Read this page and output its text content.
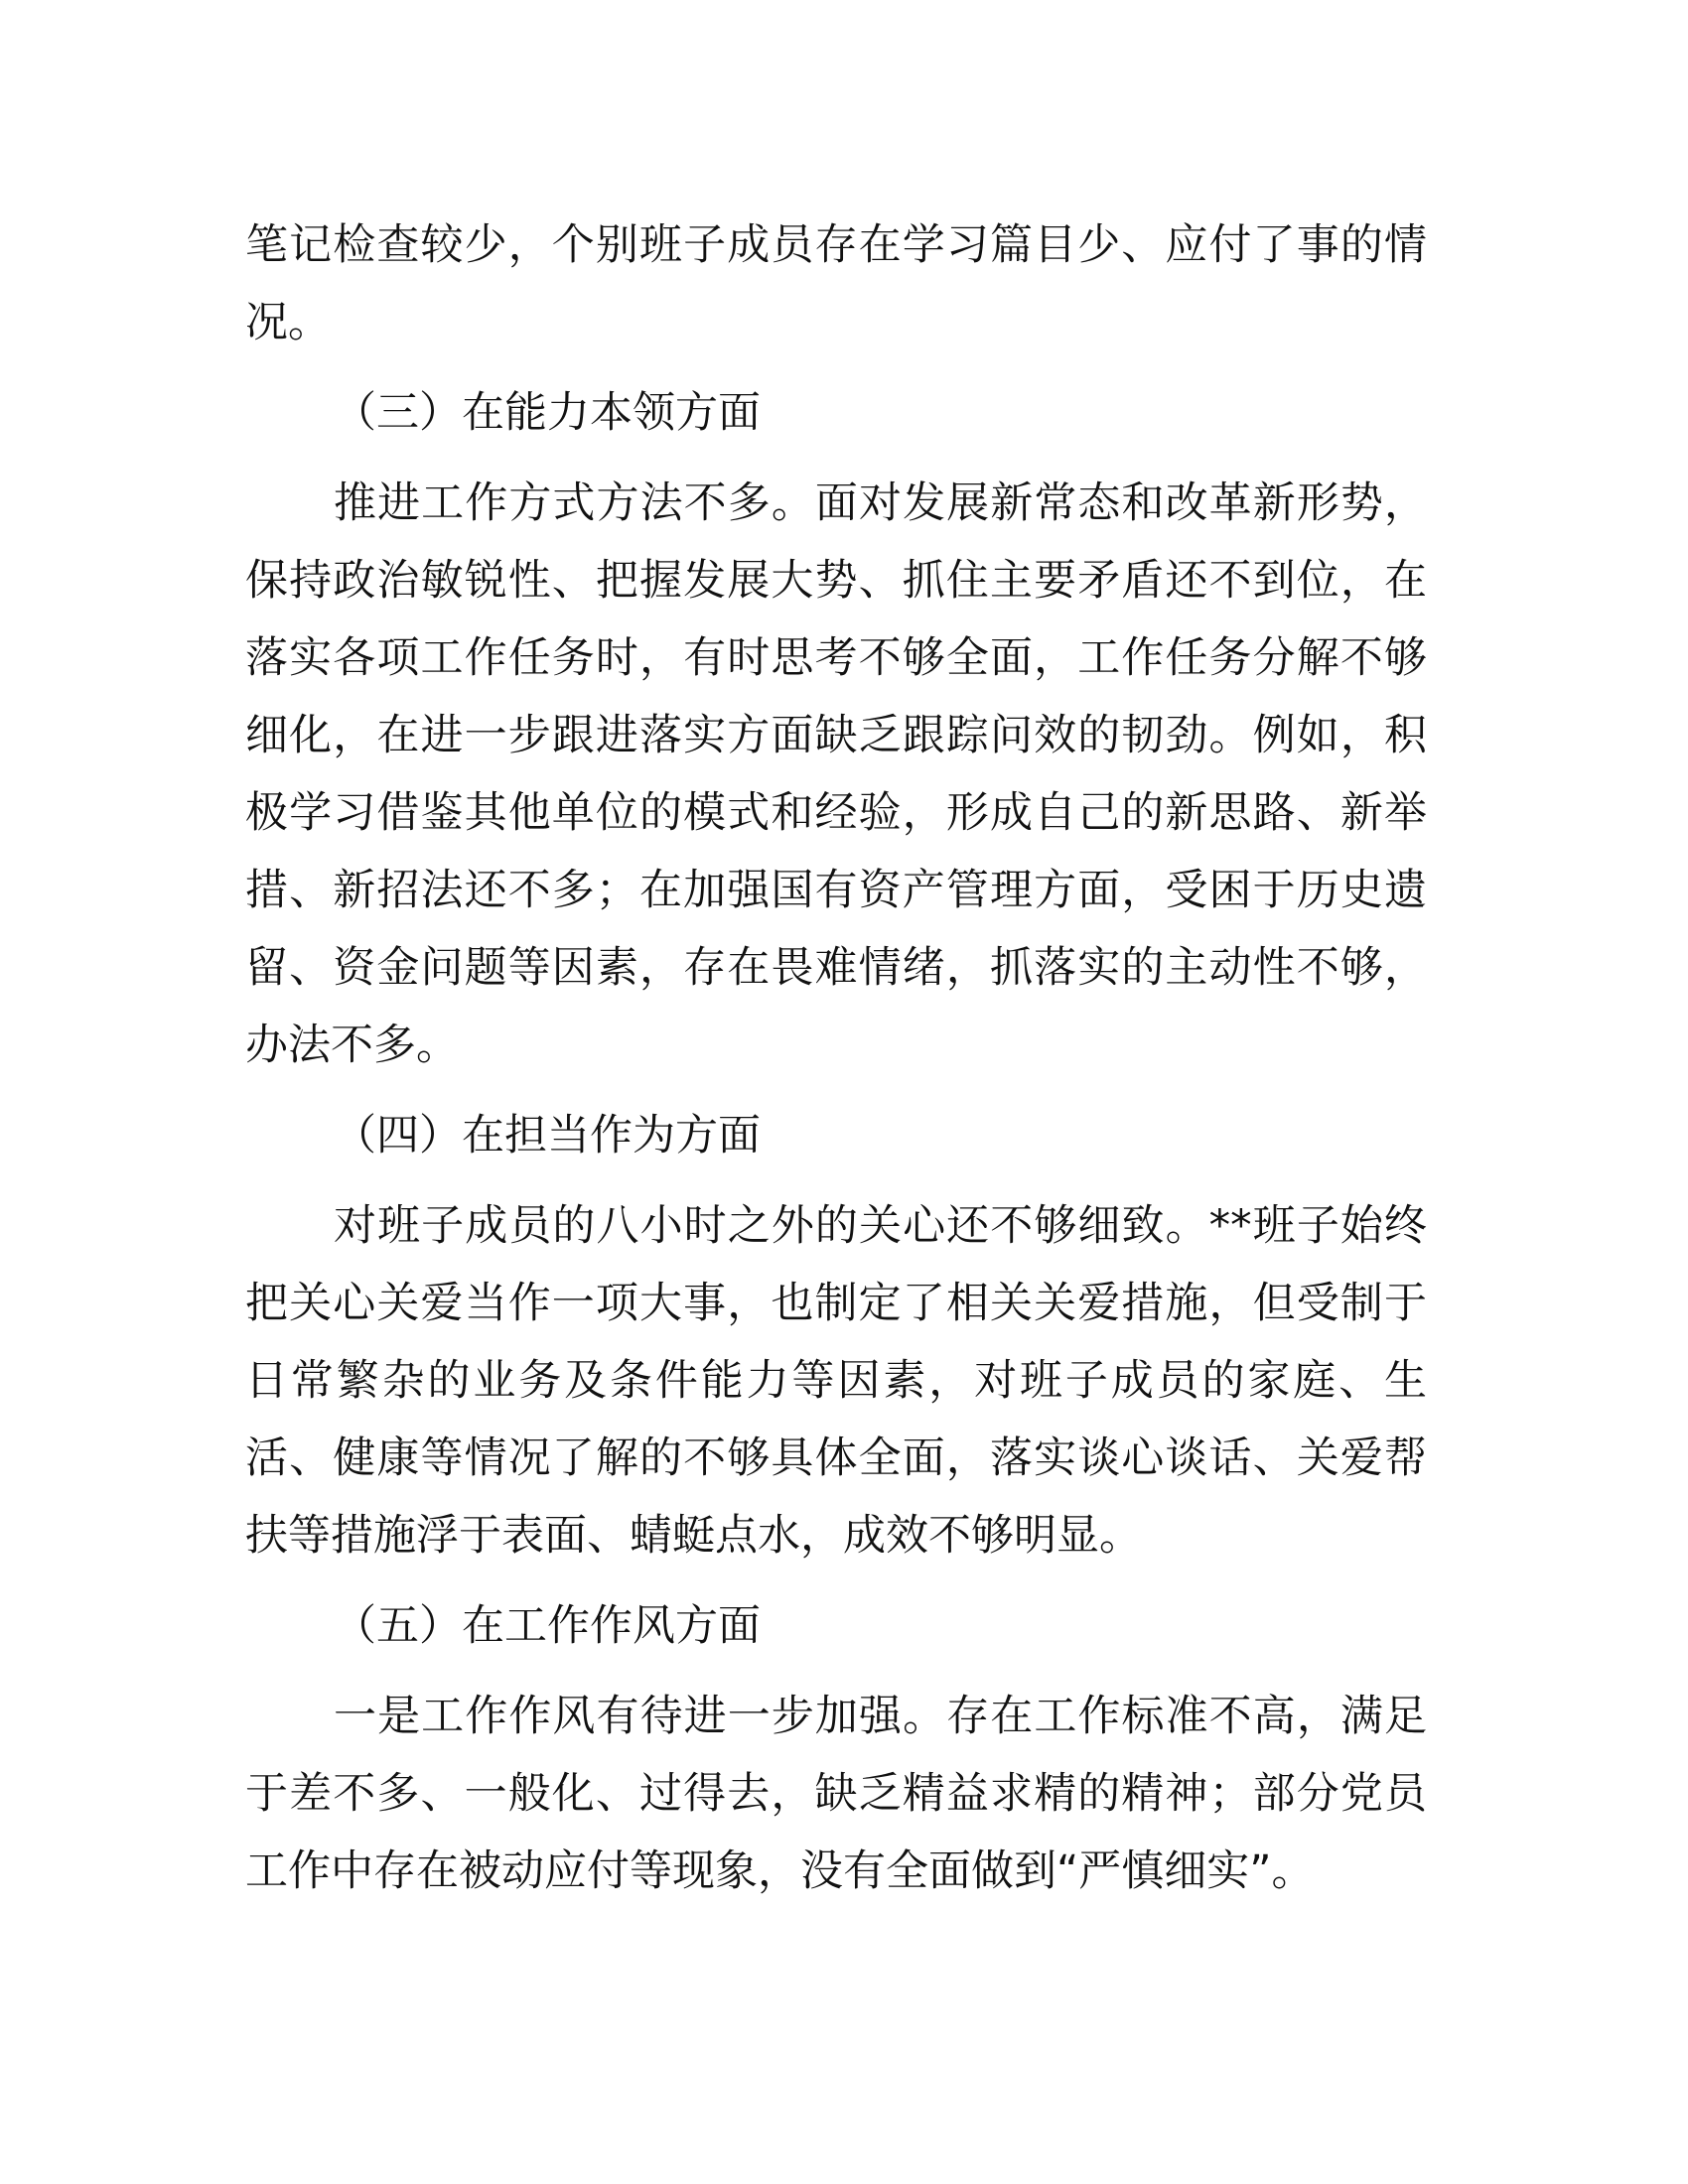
笔记检查较少，个别班子成员存在学习篇目少、应付了事的情
况。
（三）在能力本领方面
推进工作方式方法不多。面对发展新常态和改革新形势，
保持政治敏锐性、把握发展大势、抓住主要矛盾还不到位，在
落实各项工作任务时，有时思考不够全面，工作任务分解不够
细化，在进一步跟进落实方面缺乏跟踪问效的韧劲。例如，积
极学习借鉴其他单位的模式和经验，形成自己的新思路、新举
措、新招法还不多；在加强国有资产管理方面，受困于历史遗
留、资金问题等因素，存在畏难情绪，抓落实的主动性不够，
办法不多。
（四）在担当作为方面
对班子成员的八小时之外的关心还不够细致。**班子始终
把关心关爱当作一项大事，也制定了相关关爱措施，但受制于
日常繁杂的业务及条件能力等因素，对班子成员的家庭、生
活、健康等情况了解的不够具体全面，落实谈心谈话、关爱帮
扶等措施浮于表面、蜻蜓点水，成效不够明显。
（五）在工作作风方面
一是工作作风有待进一步加强。存在工作标准不高，满足
于差不多、一般化、过得去，缺乏精益求精的精神；部分党员
工作中存在被动应付等现象，没有全面做到“严慎细实”。
